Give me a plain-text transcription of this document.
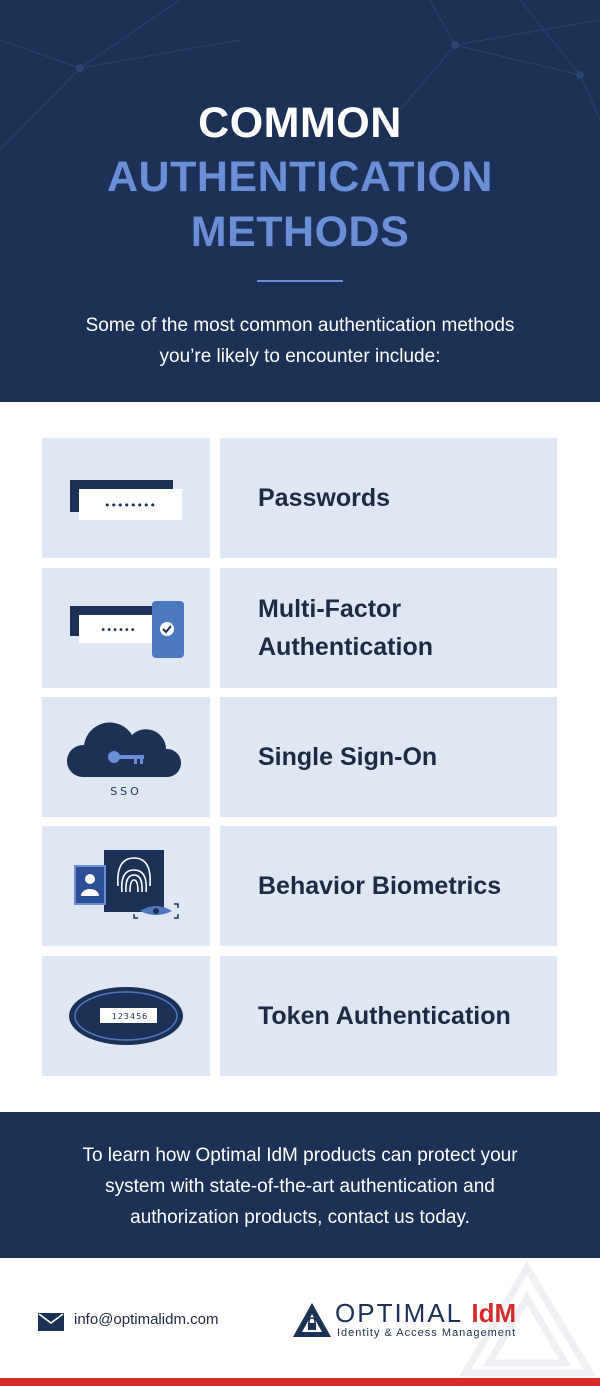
COMMON
AUTHENTICATION
METHODS
Some of the most common authentication methods you’re likely to encounter include:
••••••••	Passwords
••••••
Multi-Factor Authentication
SSO
Single Sign-On
Behavior Biometrics
123456	Token Authentication
To learn how Optimal IdM products can protect your system with state-of-the-art authentication and authorization products, contact us today.
info@optimalidm.com	OPTIMAL IdM
Identity & Access Management
